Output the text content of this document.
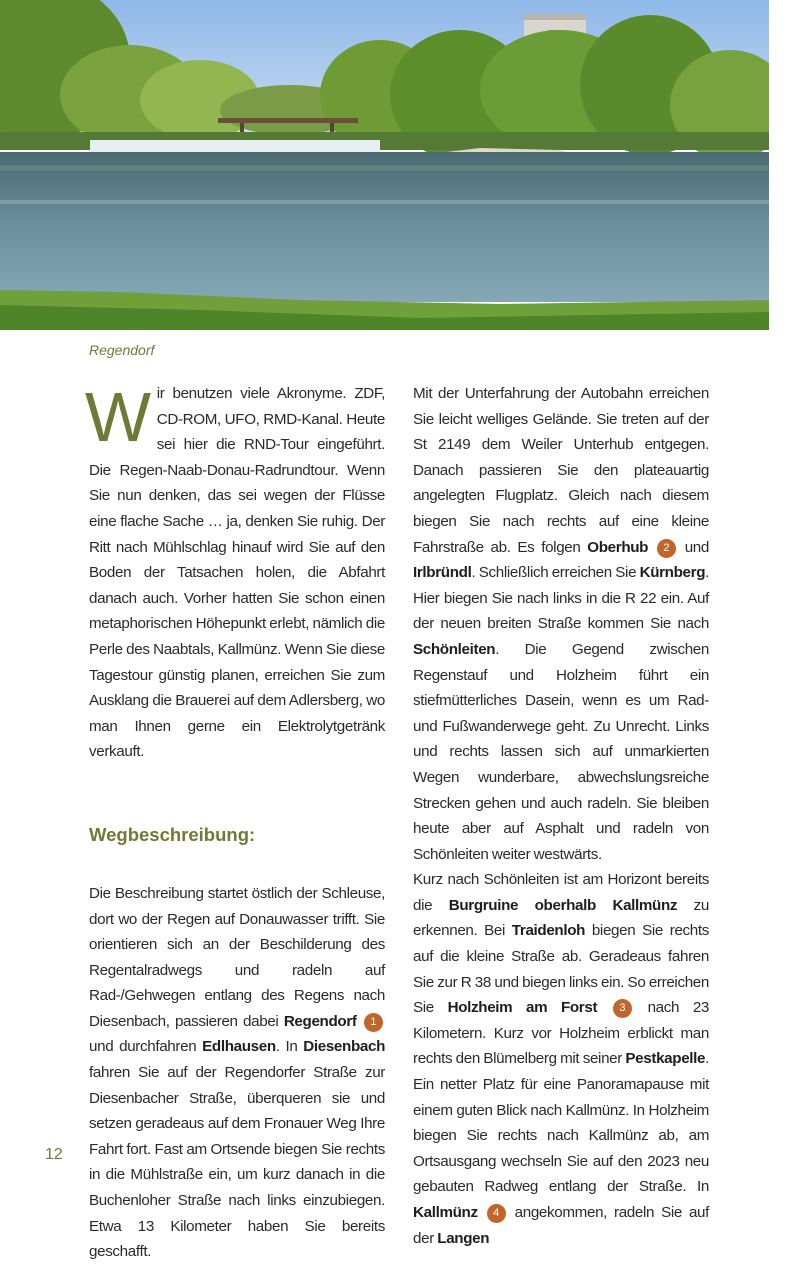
Regendorf

Wir benutzen viele Akronyme. ZDF, CD-ROM, UFO, RMD-Kanal. Heute sei hier die RND-Tour eingeführt. Die Regen-Naab-Donau-Radrundtour. Wenn Sie nun denken, das sei wegen der Flüsse eine flache Sache … ja, denken Sie ruhig. Der Ritt nach Mühlschlag hinauf wird Sie auf den Boden der Tatsachen holen, die Abfahrt danach auch. Vorher hatten Sie schon einen metaphorischen Höhepunkt erlebt, nämlich die Perle des Naabtals, Kallmünz. Wenn Sie diese Tagestour günstig planen, erreichen Sie zum Ausklang die Brauerei auf dem Adlersberg, wo man Ihnen gerne ein Elektrolytgetränk verkauft.

Wegbeschreibung:

Die Beschreibung startet östlich der Schleuse, dort wo der Regen auf Donauwasser trifft. Sie orientieren sich an der Beschilderung des Regentalradwegs und radeln auf Rad-/Gehwegen entlang des Regens nach Diesenbach, passieren dabei Regendorf 1 und durchfahren Edlhausen. In Diesenbach fahren Sie auf der Regendorfer Straße zur Diesenbacher Straße, überqueren sie und setzen geradeaus auf dem Fronauer Weg Ihre Fahrt fort. Fast am Ortsende biegen Sie rechts in die Mühlstraße ein, um kurz danach in die Buchenloher Straße nach links einzubiegen. Etwa 13 Kilometer haben Sie bereits geschafft.

Mit der Unterfahrung der Autobahn erreichen Sie leicht welliges Gelände. Sie treten auf der St 2149 dem Weiler Unterhub entgegen. Danach passieren Sie den plateauartig angelegten Flugplatz. Gleich nach diesem biegen Sie nach rechts auf eine kleine Fahrstraße ab. Es folgen Oberhub 2 und Irlbründl. Schließlich erreichen Sie Kürnberg. Hier biegen Sie nach links in die R 22 ein. Auf der neuen breiten Straße kommen Sie nach Schönleiten. Die Gegend zwischen Regenstauf und Holzheim führt ein stiefmütterliches Dasein, wenn es um Rad- und Fußwanderwege geht. Zu Unrecht. Links und rechts lassen sich auf unmarkierten Wegen wunderbare, abwechslungsreiche Strecken gehen und auch radeln. Sie bleiben heute aber auf Asphalt und radeln von Schönleiten weiter westwärts.

Kurz nach Schönleiten ist am Horizont bereits die Burgruine oberhalb Kallmünz zu erkennen. Bei Traidenloh biegen Sie rechts auf die kleine Straße ab. Geradeaus fahren Sie zur R 38 und biegen links ein. So erreichen Sie Holzheim am Forst 3 nach 23 Kilometern. Kurz vor Holzheim erblickt man rechts den Blümelberg mit seiner Pestkapelle. Ein netter Platz für eine Panoramapause mit einem guten Blick nach Kallmünz. In Holzheim biegen Sie rechts nach Kallmünz ab, am Ortsausgang wechseln Sie auf den 2023 neu gebauten Radweg entlang der Straße. In Kallmünz 4 angekommen, radeln Sie auf der Langen

12
